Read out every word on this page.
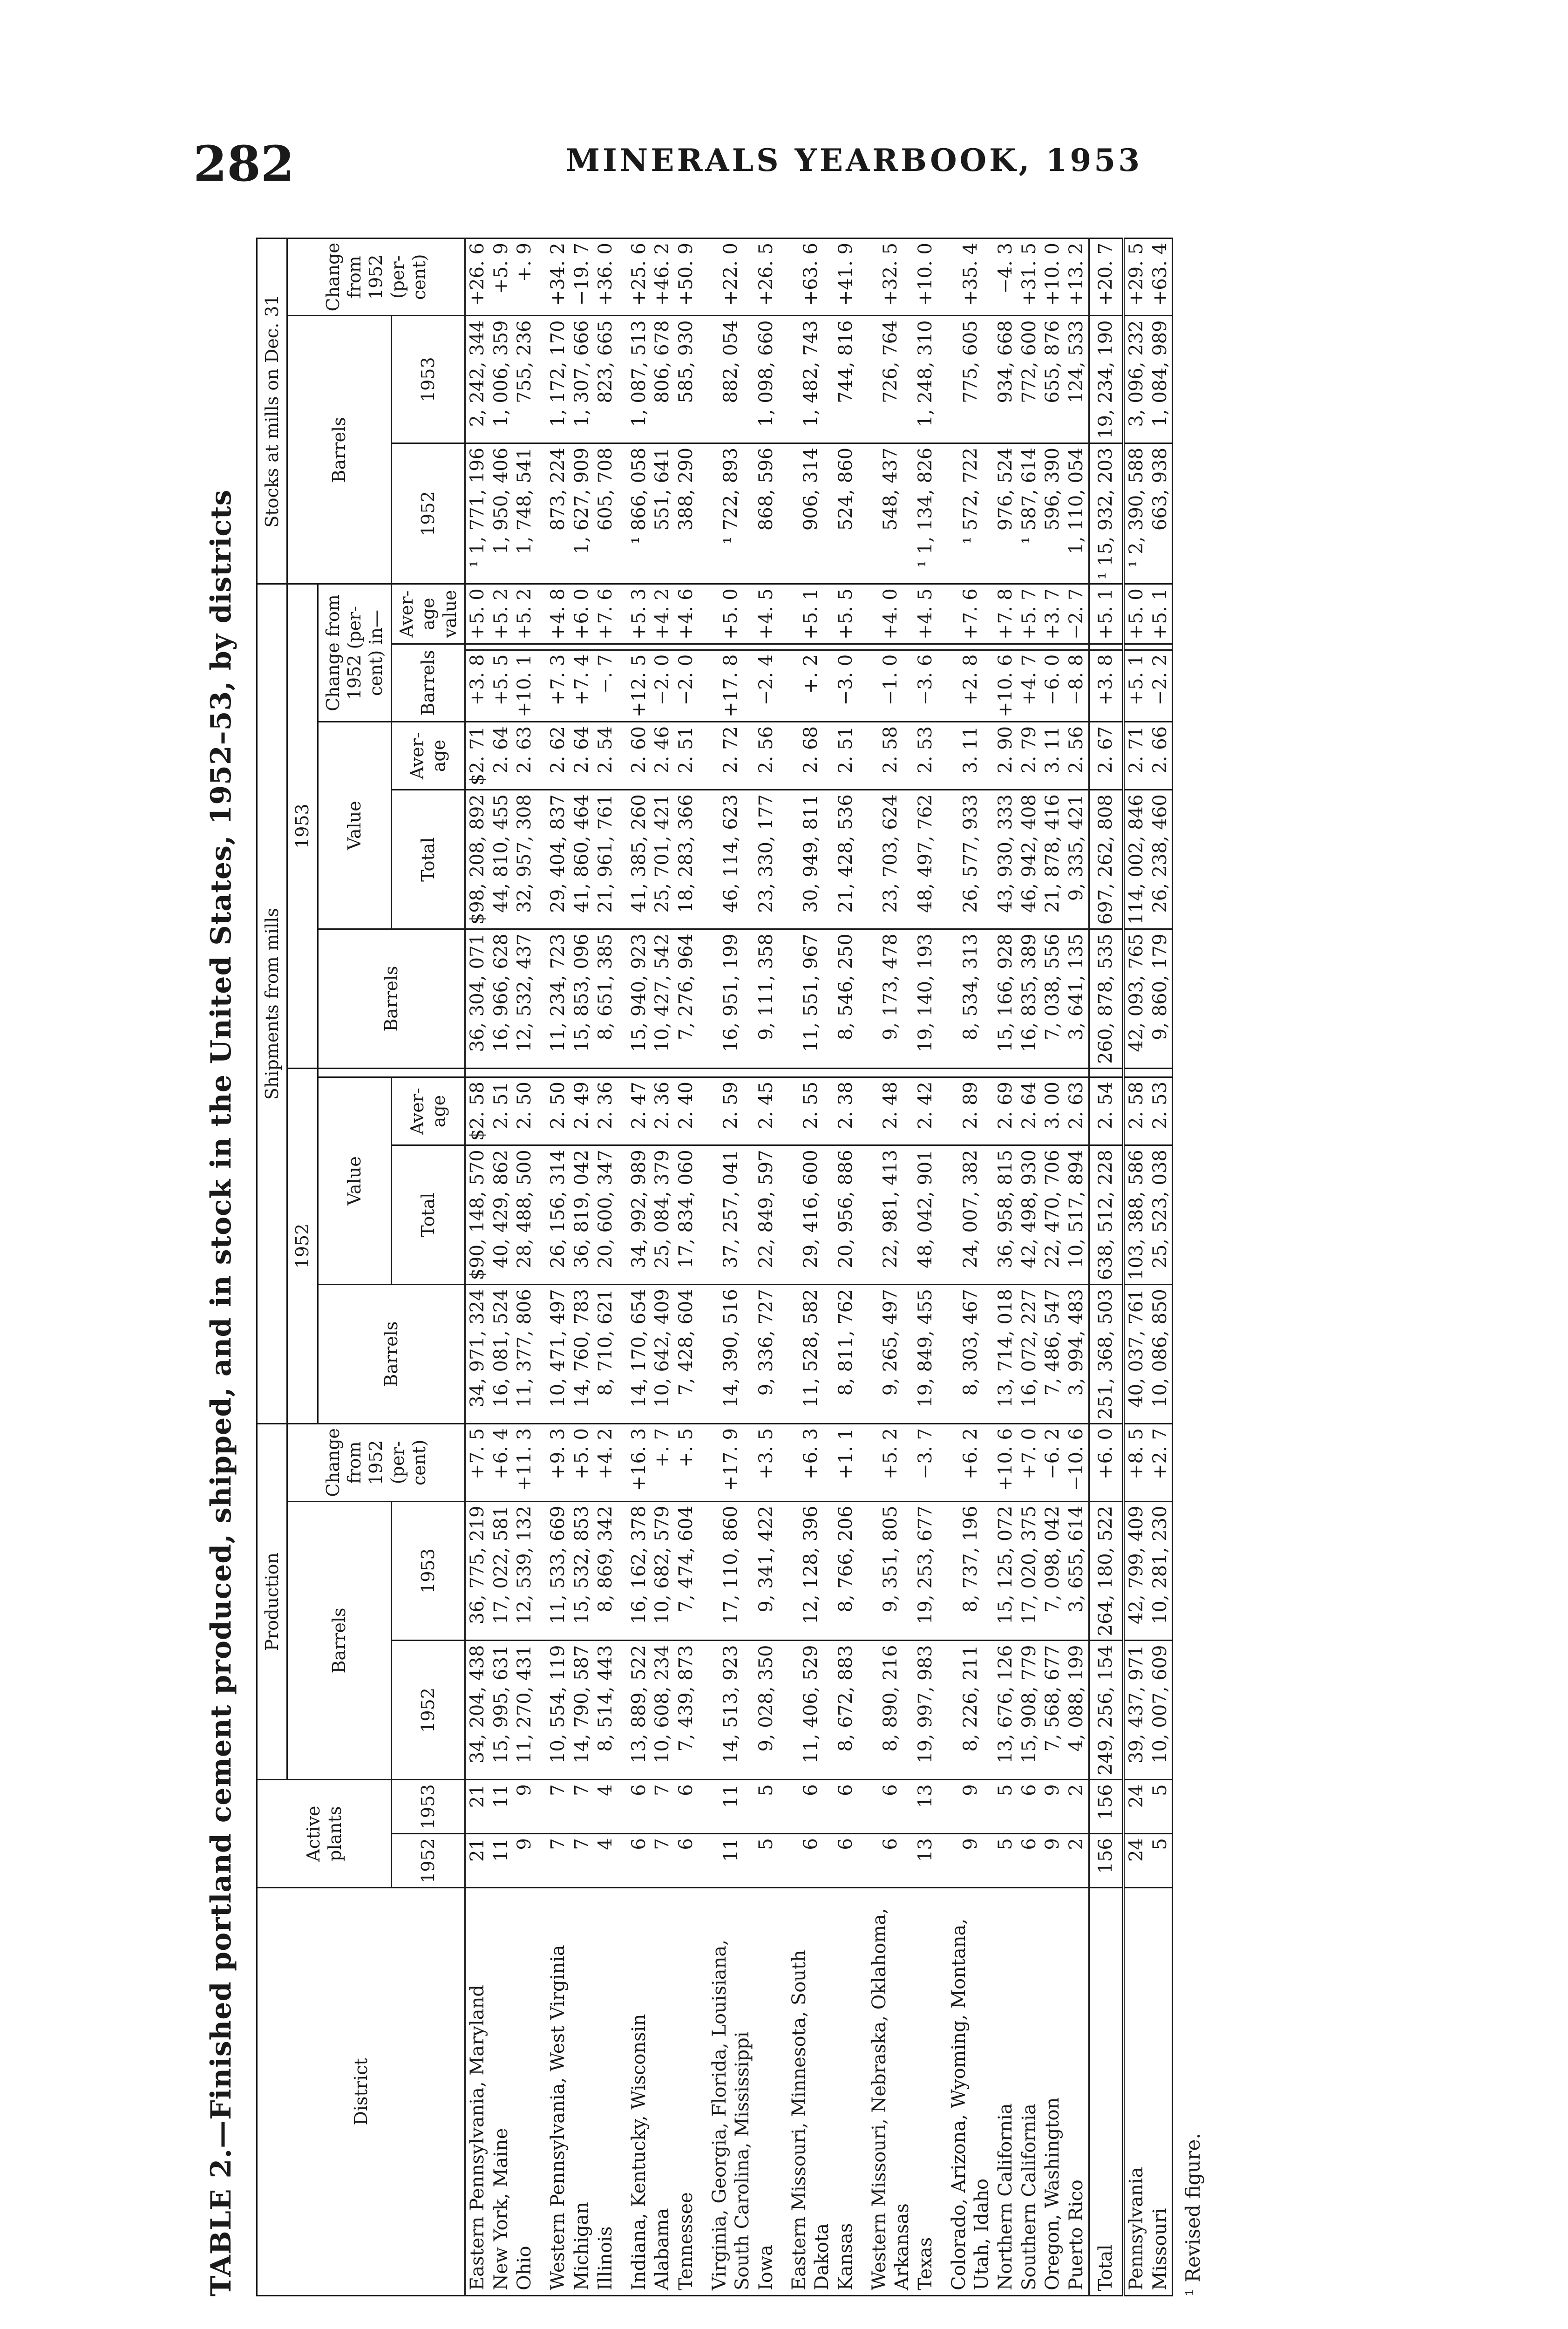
282	MINERALS YEARBOOK, 1953
TABLE 2.—Finished portland cement produced, shipped, and in stock in the United States, 1952–53, by districts	District	Active plants		Production			Shipments from mills										Stocks at mills on Dec. 31		
			Barrels		Change from 1952 (per-cent)	1952				1953						Barrels		Change from 1952 (per-cent)
						Barrels	Value			Barrels	Value		Change from 1952 (per-cent) in—					
	1952	1953	1952	1953			Total	Aver-age			Total	Aver-age	Barrels		Aver-age value	1952	1953	
Eastern Pennsylvania, Maryland	21	21	34, 204, 438	36, 775, 219	+7. 5	34, 971, 324	$90, 148, 570	$2. 58		36, 304, 071	$98, 208, 892	$2. 71	+3. 8		+5. 0	¹ 1, 771, 196	2, 242, 344	+26. 6
New York, Maine	11	11	15, 995, 631	17, 022, 581	+6. 4	16, 081, 524	40, 429, 862	2. 51		16, 966, 628	44, 810, 455	2. 64	+5. 5		+5. 2	1, 950, 406	1, 006, 359	+5. 9
Ohio	9	9	11, 270, 431	12, 539, 132	+11. 3	11, 377, 806	28, 488, 500	2. 50		12, 532, 437	32, 957, 308	2. 63	+10. 1		+5. 2	1, 748, 541	755, 236	+. 9
Western Pennsylvania, West Virginia	7	7	10, 554, 119	11, 533, 669	+9. 3	10, 471, 497	26, 156, 314	2. 50		11, 234, 723	29, 404, 837	2. 62	+7. 3		+4. 8	873, 224	1, 172, 170	+34. 2
Michigan	7	7	14, 790, 587	15, 532, 853	+5. 0	14, 760, 783	36, 819, 042	2. 49		15, 853, 096	41, 860, 464	2. 64	+7. 4		+6. 0	1, 627, 909	1, 307, 666	−19. 7
Illinois	4	4	8, 514, 443	8, 869, 342	+4. 2	8, 710, 621	20, 600, 347	2. 36		8, 651, 385	21, 961, 761	2. 54	−. 7		+7. 6	605, 708	823, 665	+36. 0
Indiana, Kentucky, Wisconsin	6	6	13, 889, 522	16, 162, 378	+16. 3	14, 170, 654	34, 992, 989	2. 47		15, 940, 923	41, 385, 260	2. 60	+12. 5		+5. 3	¹ 866, 058	1, 087, 513	+25. 6
Alabama	7	7	10, 608, 234	10, 682, 579	+. 7	10, 642, 409	25, 084, 379	2. 36		10, 427, 542	25, 701, 421	2. 46	−2. 0		+4. 2	551, 641	806, 678	+46. 2
Tennessee	6	6	7, 439, 873	7, 474, 604	+. 5	7, 428, 604	17, 834, 060	2. 40		7, 276, 964	18, 283, 366	2. 51	−2. 0		+4. 6	388, 290	585, 930	+50. 9
Virginia, Georgia, Florida, Louisiana, South Carolina, Mississippi	11	11	14, 513, 923	17, 110, 860	+17. 9	14, 390, 516	37, 257, 041	2. 59		16, 951, 199	46, 114, 623	2. 72	+17. 8		+5. 0	¹ 722, 893	882, 054	+22. 0
Iowa	5	5	9, 028, 350	9, 341, 422	+3. 5	9, 336, 727	22, 849, 597	2. 45		9, 111, 358	23, 330, 177	2. 56	−2. 4		+4. 5	868, 596	1, 098, 660	+26. 5
Eastern Missouri, Minnesota, South Dakota	6	6	11, 406, 529	12, 128, 396	+6. 3	11, 528, 582	29, 416, 600	2. 55		11, 551, 967	30, 949, 811	2. 68	+. 2		+5. 1	906, 314	1, 482, 743	+63. 6
Kansas	6	6	8, 672, 883	8, 766, 206	+1. 1	8, 811, 762	20, 956, 886	2. 38		8, 546, 250	21, 428, 536	2. 51	−3. 0		+5. 5	524, 860	744, 816	+41. 9
Western Missouri, Nebraska, Oklahoma, Arkansas	6	6	8, 890, 216	9, 351, 805	+5. 2	9, 265, 497	22, 981, 413	2. 48		9, 173, 478	23, 703, 624	2. 58	−1. 0		+4. 0	548, 437	726, 764	+32. 5
Texas	13	13	19, 997, 983	19, 253, 677	−3. 7	19, 849, 455	48, 042, 901	2. 42		19, 140, 193	48, 497, 762	2. 53	−3. 6		+4. 5	¹ 1, 134, 826	1, 248, 310	+10. 0
Colorado, Arizona, Wyoming, Montana, Utah, Idaho	9	9	8, 226, 211	8, 737, 196	+6. 2	8, 303, 467	24, 007, 382	2. 89		8, 534, 313	26, 577, 933	3. 11	+2. 8		+7. 6	¹ 572, 722	775, 605	+35. 4
Northern California	5	5	13, 676, 126	15, 125, 072	+10. 6	13, 714, 018	36, 958, 815	2. 69		15, 166, 928	43, 930, 333	2. 90	+10. 6		+7. 8	976, 524	934, 668	−4. 3
Southern California	6	6	15, 908, 779	17, 020, 375	+7. 0	16, 072, 227	42, 498, 930	2. 64		16, 835, 389	46, 942, 408	2. 79	+4. 7		+5. 7	¹ 587, 614	772, 600	+31. 5
Oregon, Washington	9	9	7, 568, 677	7, 098, 042	−6. 2	7, 486, 547	22, 470, 706	3. 00		7, 038, 556	21, 878, 416	3. 11	−6. 0		+3. 7	596, 390	655, 876	+10. 0
Puerto Rico	2	2	4, 088, 199	3, 655, 614	−10. 6	3, 994, 483	10, 517, 894	2. 63		3, 641, 135	9, 335, 421	2. 56	−8. 8		−2. 7	1, 110, 054	124, 533	+13. 2
Total	156	156	249, 256, 154	264, 180, 522	+6. 0	251, 368, 503	638, 512, 228	2. 54		260, 878, 535	697, 262, 808	2. 67	+3. 8		+5. 1	¹ 15, 932, 203	19, 234, 190	+20. 7
Pennsylvania	24	24	39, 437, 971	42, 799, 409	+8. 5	40, 037, 761	103, 388, 586	2. 58		42, 093, 765	114, 002, 846	2. 71	+5. 1		+5. 0	¹ 2, 390, 588	3, 096, 232	+29. 5
Missouri	5	5	10, 007, 609	10, 281, 230	+2. 7	10, 086, 850	25, 523, 038	2. 53		9, 860, 179	26, 238, 460	2. 66	−2. 2		+5. 1	663, 938	1, 084, 989	+63. 4
¹ Revised figure.
